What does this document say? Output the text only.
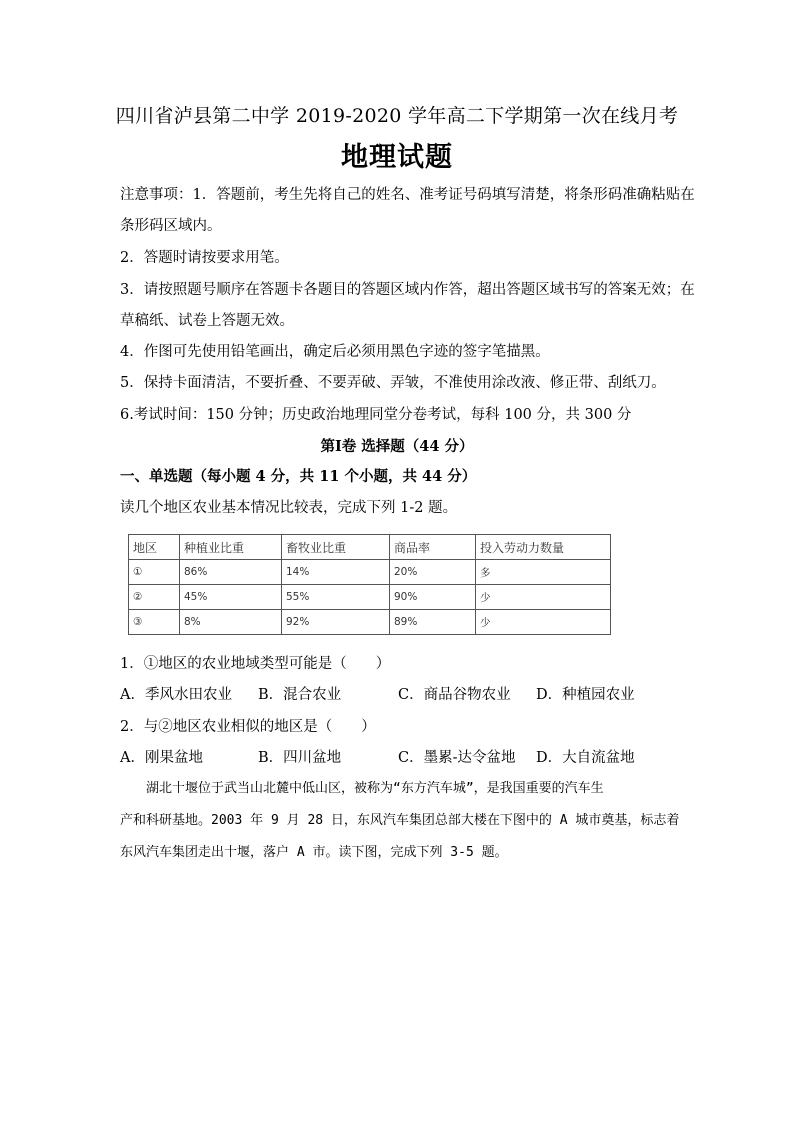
四川省泸县第二中学 2019-2020 学年高二下学期第一次在线月考
地理试题
注意事项：1．答题前，考生先将自己的姓名、准考证号码填写清楚，将条形码准确粘贴在
条形码区域内。
2．答题时请按要求用笔。
3．请按照题号顺序在答题卡各题目的答题区域内作答，超出答题区域书写的答案无效；在
草稿纸、试卷上答题无效。
4．作图可先使用铅笔画出，确定后必须用黑色字迹的签字笔描黑。
5．保持卡面清洁，不要折叠、不要弄破、弄皱，不准使用涂改液、修正带、刮纸刀。
6.考试时间：150 分钟；历史政治地理同堂分卷考试，每科 100 分，共 300 分
第Ⅰ卷 选择题（44 分）
一、单选题（每小题 4 分，共 11 个小题，共 44 分）
读几个地区农业基本情况比较表，完成下列 1-2 题。
地区	种植业比重	畜牧业比重	商品率	投入劳动力数量
①	86%	14%	20%	多
②	45%	55%	90%	少
③	8%	92%	89%	少
1．①地区的农业地域类型可能是（　　）
A．季风水田农业 B．混合农业	C．商品谷物农业 D．种植园农业
2．与②地区农业相似的地区是（　　）
A．刚果盆地	B．四川盆地	C．墨累-达令盆地 D．大自流盆地
　　湖北十堰位于武当山北麓中低山区，被称为“东方汽车城”，是我国重要的汽车生
产和科研基地。2003 年 9 月 28 日，东风汽车集团总部大楼在下图中的 A 城市奠基，标志着
东风汽车集团走出十堰，落户 A 市。读下图，完成下列 3-5 题。
